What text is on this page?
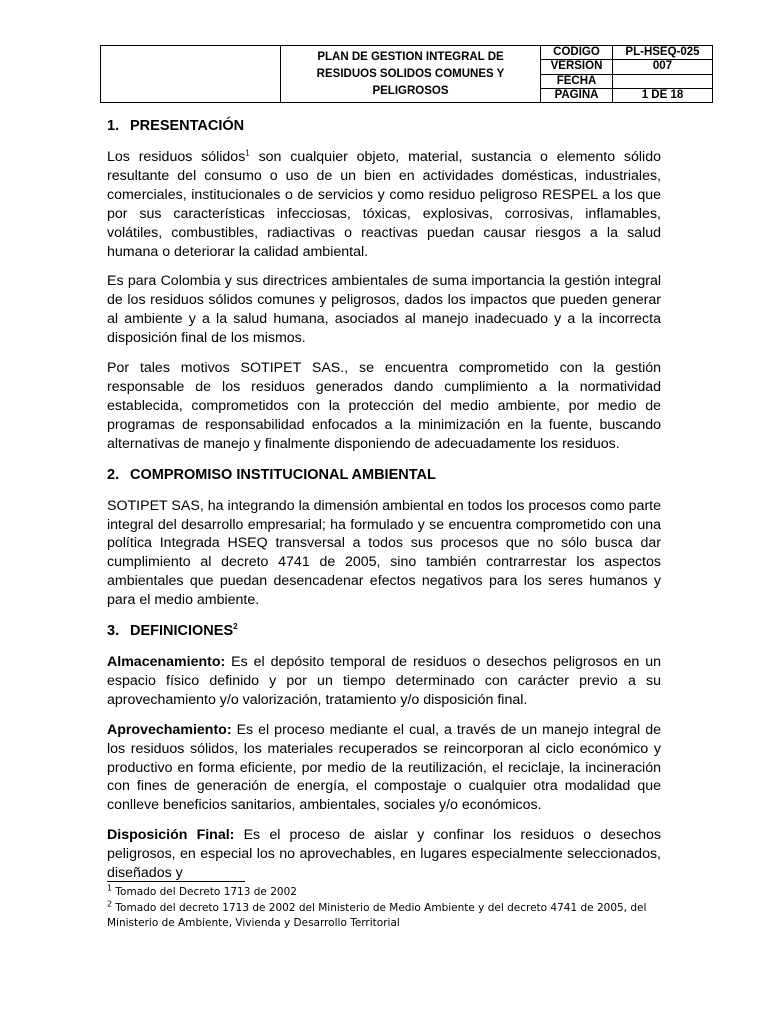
	PLAN DE GESTION INTEGRAL DE RESIDUOS SOLIDOS COMUNES Y PELIGROSOS	CODIGO	PL-HSEQ-025
		VERSION	007
		FECHA	
		PAGINA	1 DE 18
1. PRESENTACIÓN

Los residuos sólidos$^1$ son cualquier objeto, material, sustancia o elemento sólido resultante del consumo o uso de un bien en actividades domésticas, industriales, comerciales, institucionales o de servicios y como residuo peligroso RESPEL a los que por sus características infecciosas, tóxicas, explosivas, corrosivas, inflamables, volátiles, combustibles, radiactivas o reactivas puedan causar riesgos a la salud humana o deteriorar la calidad ambiental.

Es para Colombia y sus directrices ambientales de suma importancia la gestión integral de los residuos sólidos comunes y peligrosos, dados los impactos que pueden generar al ambiente y a la salud humana, asociados al manejo inadecuado y a la incorrecta disposición final de los mismos.

Por tales motivos SOTIPET SAS., se encuentra comprometido con la gestión responsable de los residuos generados dando cumplimiento a la normatividad establecida, comprometidos con la protección del medio ambiente, por medio de programas de responsabilidad enfocados a la minimización en la fuente, buscando alternativas de manejo y finalmente disponiendo de adecuadamente los residuos.

2. COMPROMISO INSTITUCIONAL AMBIENTAL

SOTIPET SAS, ha integrando la dimensión ambiental en todos los procesos como parte integral del desarrollo empresarial; ha formulado y se encuentra comprometido con una política Integrada HSEQ transversal a todos sus procesos que no sólo busca dar cumplimiento al decreto 4741 de 2005, sino también contrarrestar los aspectos ambientales que puedan desencadenar efectos negativos para los seres humanos y para el medio ambiente.

3. DEFINICIONES$^2$

Almacenamiento: Es el depósito temporal de residuos o desechos peligrosos en un espacio físico definido y por un tiempo determinado con carácter previo a su aprovechamiento y/o valorización, tratamiento y/o disposición final.

Aprovechamiento: Es el proceso mediante el cual, a través de un manejo integral de los residuos sólidos, los materiales recuperados se reincorporan al ciclo económico y productivo en forma eficiente, por medio de la reutilización, el reciclaje, la incineración con fines de generación de energía, el compostaje o cualquier otra modalidad que conlleve beneficios sanitarios, ambientales, sociales y/o económicos.

Disposición Final: Es el proceso de aislar y confinar los residuos o desechos peligrosos, en especial los no aprovechables, en lugares especialmente seleccionados, diseñados y

$^1$ Tomado del Decreto 1713 de 2002
$^2$ Tomado del decreto 1713 de 2002 del Ministerio de Medio Ambiente y del decreto 4741 de 2005, del Ministerio de Ambiente, Vivienda y Desarrollo Territorial
